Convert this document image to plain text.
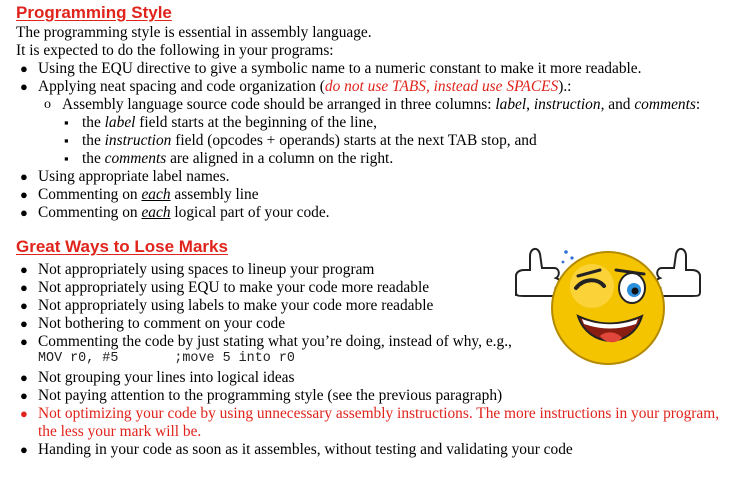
Programming Style
The programming style is essential in assembly language.
It is expected to do the following in your programs:
● Using the EQU directive to give a symbolic name to a numeric constant to make it more readable.
● Applying neat spacing and code organization (do not use TABS, instead use SPACES).:
o Assembly language source code should be arranged in three columns: label, instruction, and comments:
▪ the label field starts at the beginning of the line,
▪ the instruction field (opcodes + operands) starts at the next TAB stop, and
▪ the comments are aligned in a column on the right.
● Using appropriate label names.
● Commenting on each assembly line
● Commenting on each logical part of your code.
Great Ways to Lose Marks
● Not appropriately using spaces to lineup your program
● Not appropriately using EQU to make your code more readable
● Not appropriately using labels to make your code more readable
● Not bothering to comment on your code
● Commenting the code by just stating what you’re doing, instead of why, e.g.,
MOV r0, #5	;move 5 into r0
● Not grouping your lines into logical ideas
● Not paying attention to the programming style (see the previous paragraph)
● Not optimizing your code by using unnecessary assembly instructions. The more instructions in your program,
the less your mark will be.
● Handing in your code as soon as it assembles, without testing and validating your code
